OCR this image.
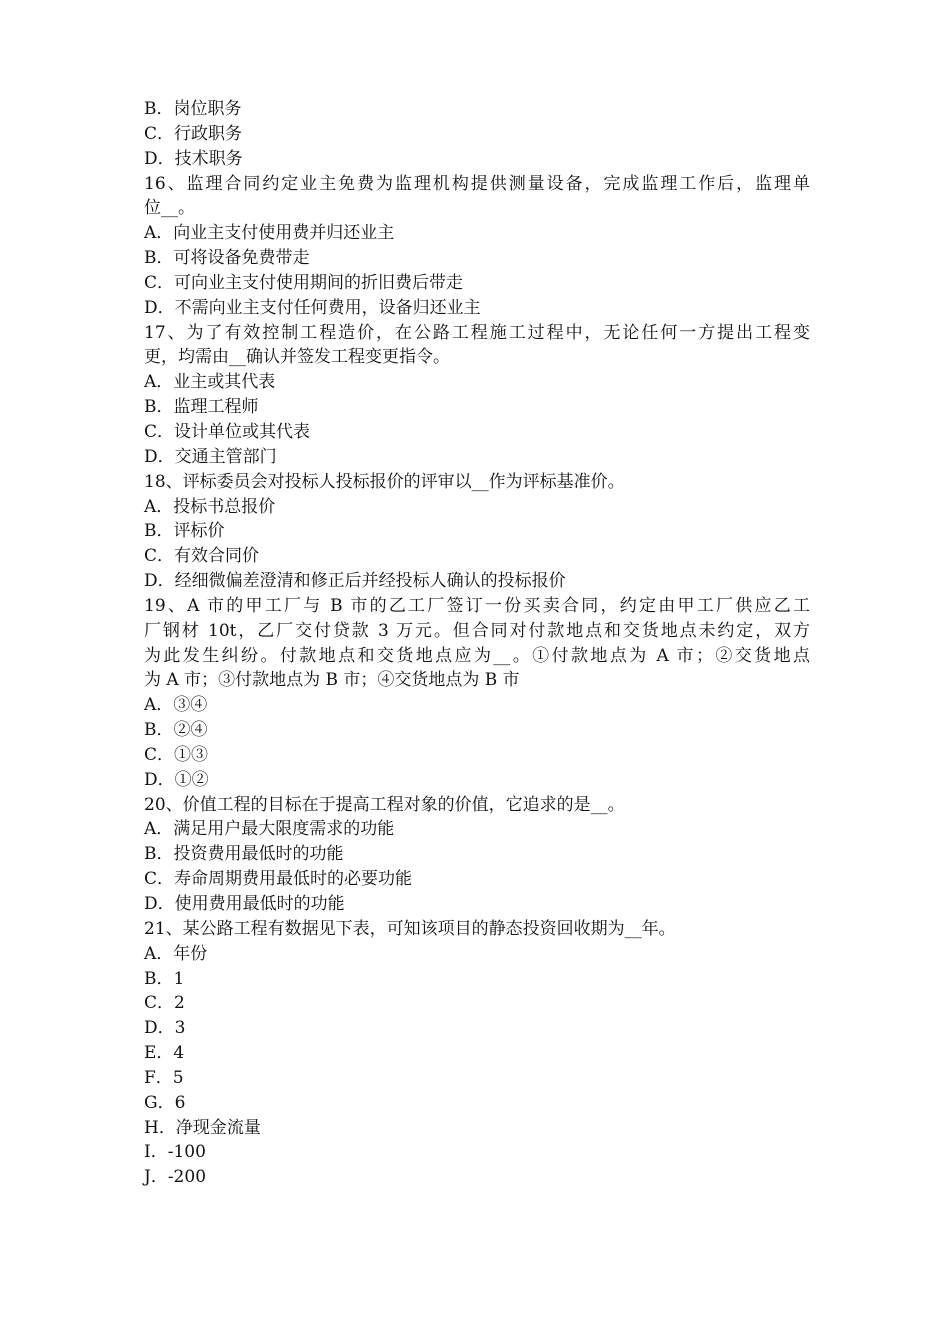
B．岗位职务
C．行政职务
D．技术职务
16、监理合同约定业主免费为监理机构提供测量设备，完成监理工作后，监理单
位__。
A．向业主支付使用费并归还业主
B．可将设备免费带走
C．可向业主支付使用期间的折旧费后带走
D．不需向业主支付任何费用，设备归还业主
17、为了有效控制工程造价，在公路工程施工过程中，无论任何一方提出工程变
更，均需由__确认并签发工程变更指令。
A．业主或其代表
B．监理工程师
C．设计单位或其代表
D．交通主管部门
18、评标委员会对投标人投标报价的评审以__作为评标基准价。
A．投标书总报价
B．评标价
C．有效合同价
D．经细微偏差澄清和修正后并经投标人确认的投标报价
19、A 市的甲工厂与 B 市的乙工厂签订一份买卖合同，约定由甲工厂供应乙工
厂钢材 10t，乙厂交付贷款 3 万元。但合同对付款地点和交货地点未约定，双方
为此发生纠纷。付款地点和交货地点应为__。①付款地点为 A 市；②交货地点
为 A 市；③付款地点为 B 市；④交货地点为 B 市
A．③④
B．②④
C．①③
D．①②
20、价值工程的目标在于提高工程对象的价值，它追求的是__。
A．满足用户最大限度需求的功能
B．投资费用最低时的功能
C．寿命周期费用最低时的必要功能
D．使用费用最低时的功能
21、某公路工程有数据见下表，可知该项目的静态投资回收期为__年。
A．年份
B．1
C．2
D．3
E．4
F．5
G．6
H．净现金流量
I．-100
J．-200
